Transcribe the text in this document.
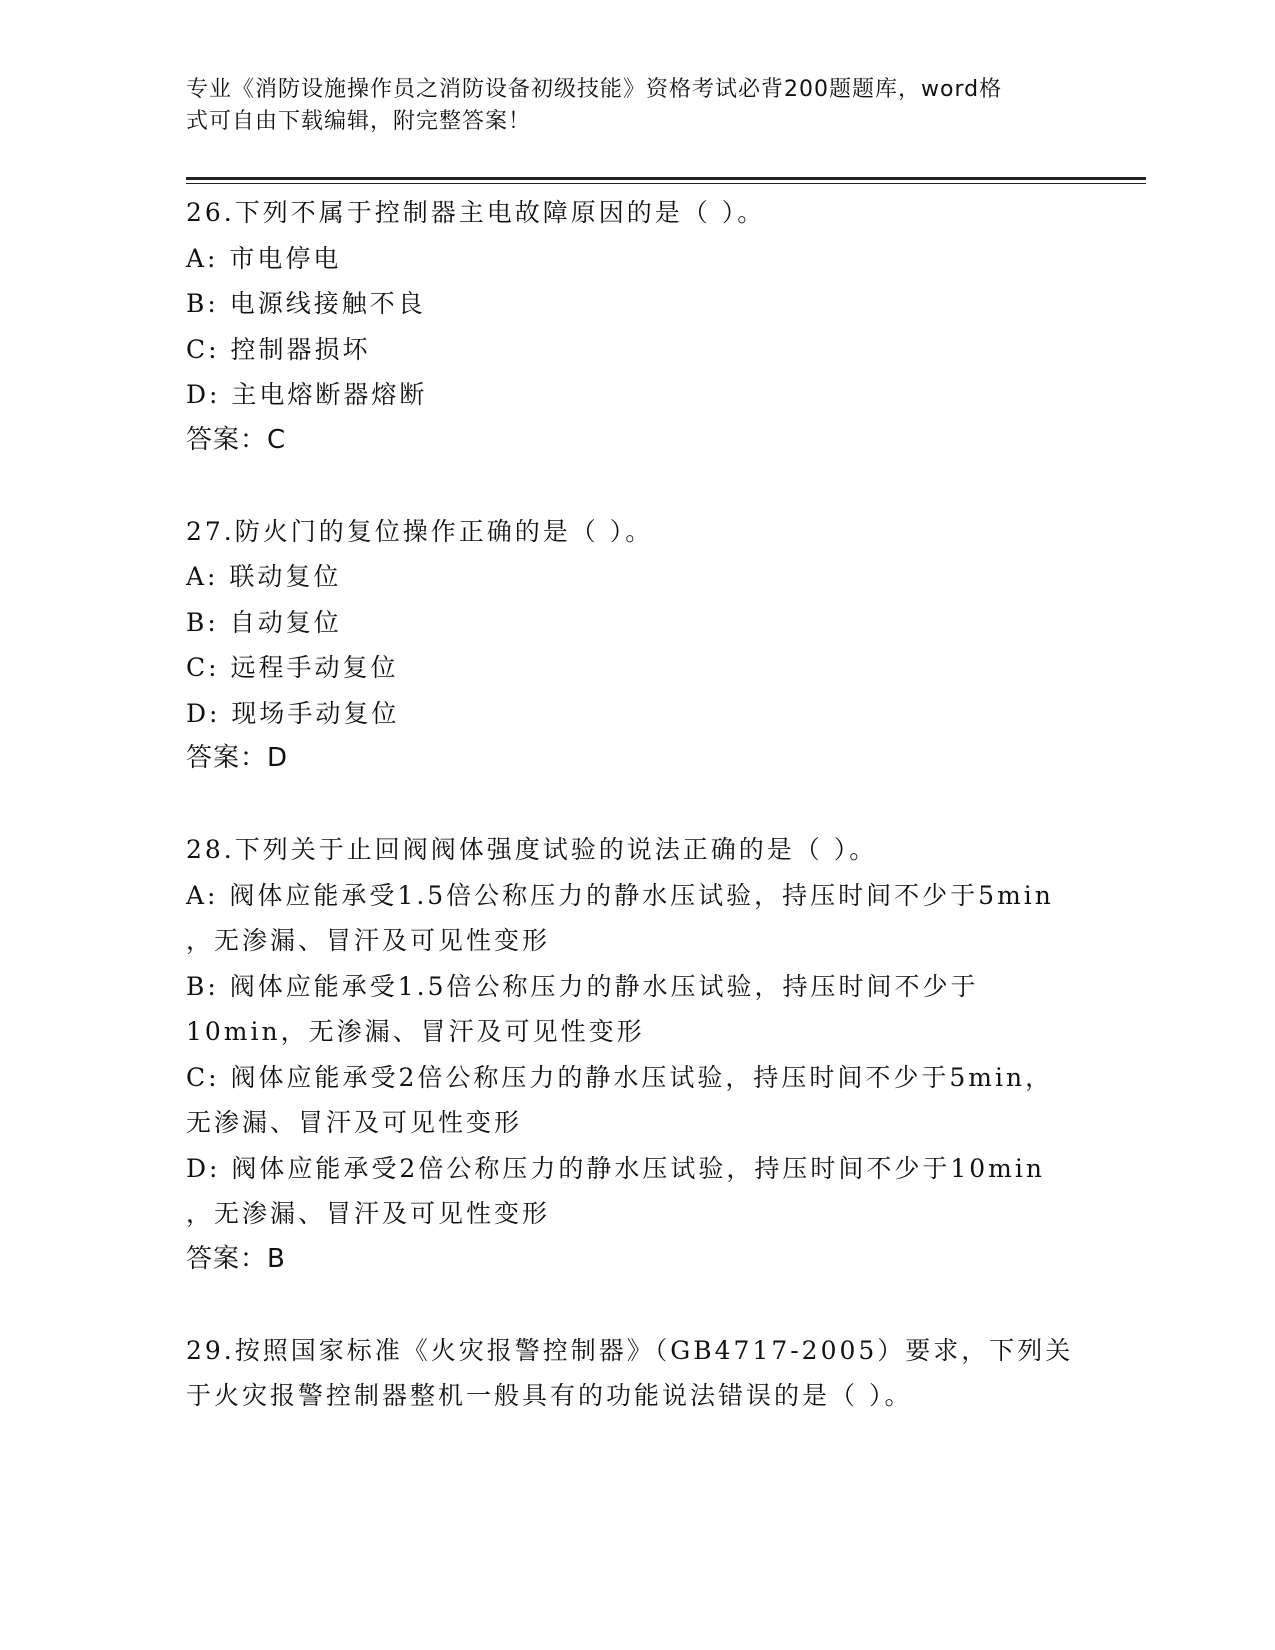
专业《消防设施操作员之消防设备初级技能》资格考试必背200题题库，word格
式可自由下载编辑，附完整答案！
26.下列不属于控制器主电故障原因的是（ ）。
A: 市电停电
B: 电源线接触不良
C: 控制器损坏
D: 主电熔断器熔断
答案：C
27.防火门的复位操作正确的是（ ）。
A: 联动复位
B: 自动复位
C: 远程手动复位
D: 现场手动复位
答案：D
28.下列关于止回阀阀体强度试验的说法正确的是（ ）。
A: 阀体应能承受1.5倍公称压力的静水压试验，持压时间不少于5min
，无渗漏、冒汗及可见性变形
B: 阀体应能承受1.5倍公称压力的静水压试验，持压时间不少于
10min，无渗漏、冒汗及可见性变形
C: 阀体应能承受2倍公称压力的静水压试验，持压时间不少于5min，
无渗漏、冒汗及可见性变形
D: 阀体应能承受2倍公称压力的静水压试验，持压时间不少于10min
，无渗漏、冒汗及可见性变形
答案：B
29.按照国家标准《火灾报警控制器》（GB4717-2005）要求，下列关
于火灾报警控制器整机一般具有的功能说法错误的是（ ）。
